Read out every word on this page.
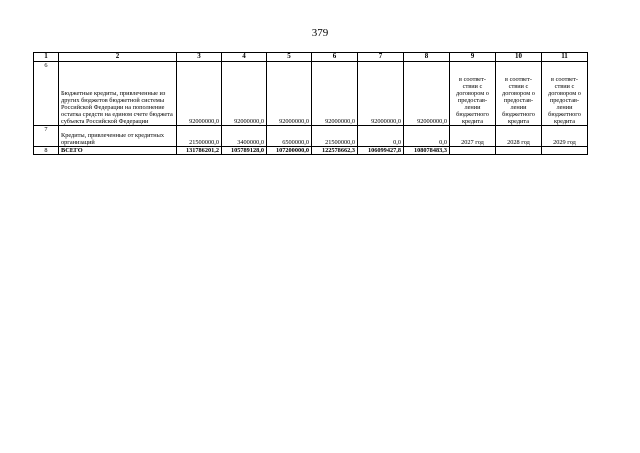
379
1	2	3	4	5	6	7	8	9	10	11
6	Бюджетные кредиты, привлеченные из других бюджетов бюджетной системы Российской Федерации на пополнение остатка средств на едином счете бюджета субъекта Российской Федерации	92000000,0	92000000,0	92000000,0	92000000,0	92000000,0	92000000,0	в соответ-ствии с договором о предостав-лении бюджетного кредита	в соответ-ствии с договором о предостав-лении бюджетного кредита	в соответ-ствии с договором о предостав-лении бюджетного кредита
7	Кредиты, привлеченные от кредитных организаций	21500000,0	3400000,0	6500000,0	21500000,0	0,0	0,0	2027 год	2028 год	2029 год
8	ВСЕГО	131786201,2	105789128,0	107200000,0	122578662,3	106099427,8	108078483,3			
